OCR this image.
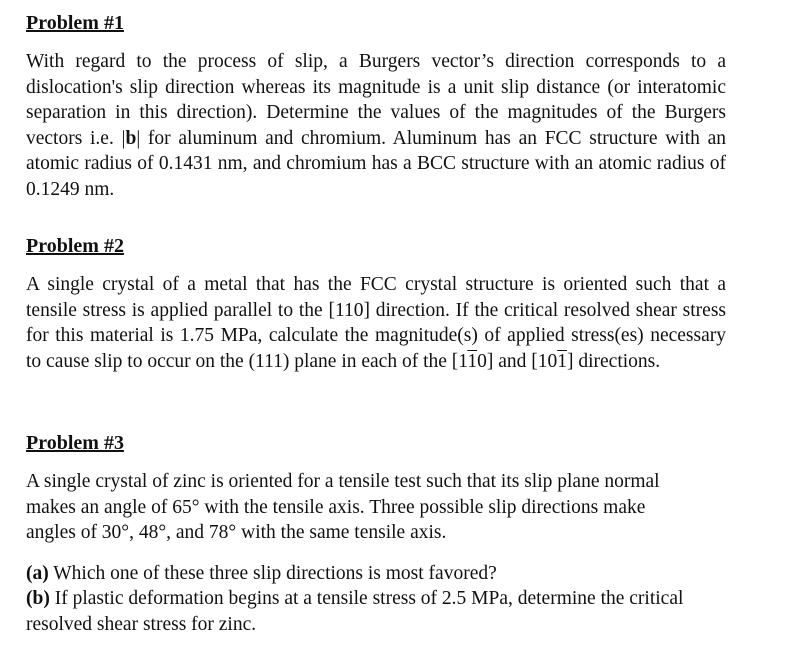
Problem #1

With regard to the process of slip, a Burgers vector’s direction corresponds to a dislocation's slip direction whereas its magnitude is a unit slip distance (or interatomic separation in this direction). Determine the values of the magnitudes of the Burgers vectors i.e. |b| for aluminum and chromium. Aluminum has an FCC structure with an atomic radius of 0.1431 nm, and chromium has a BCC structure with an atomic radius of 0.1249 nm.

Problem #2

A single crystal of a metal that has the FCC crystal structure is oriented such that a tensile stress is applied parallel to the [110] direction. If the critical resolved shear stress for this material is 1.75 MPa, calculate the magnitude(s) of applied stress(es) necessary to cause slip to occur on the (111) plane in each of the [110] and [101] directions.

Problem #3

A single crystal of zinc is oriented for a tensile test such that its slip plane normal makes an angle of 65° with the tensile axis. Three possible slip directions make angles of 30°, 48°, and 78° with the same tensile axis.

(a) Which one of these three slip directions is most favored?

(b) If plastic deformation begins at a tensile stress of 2.5 MPa, determine the critical resolved shear stress for zinc.
